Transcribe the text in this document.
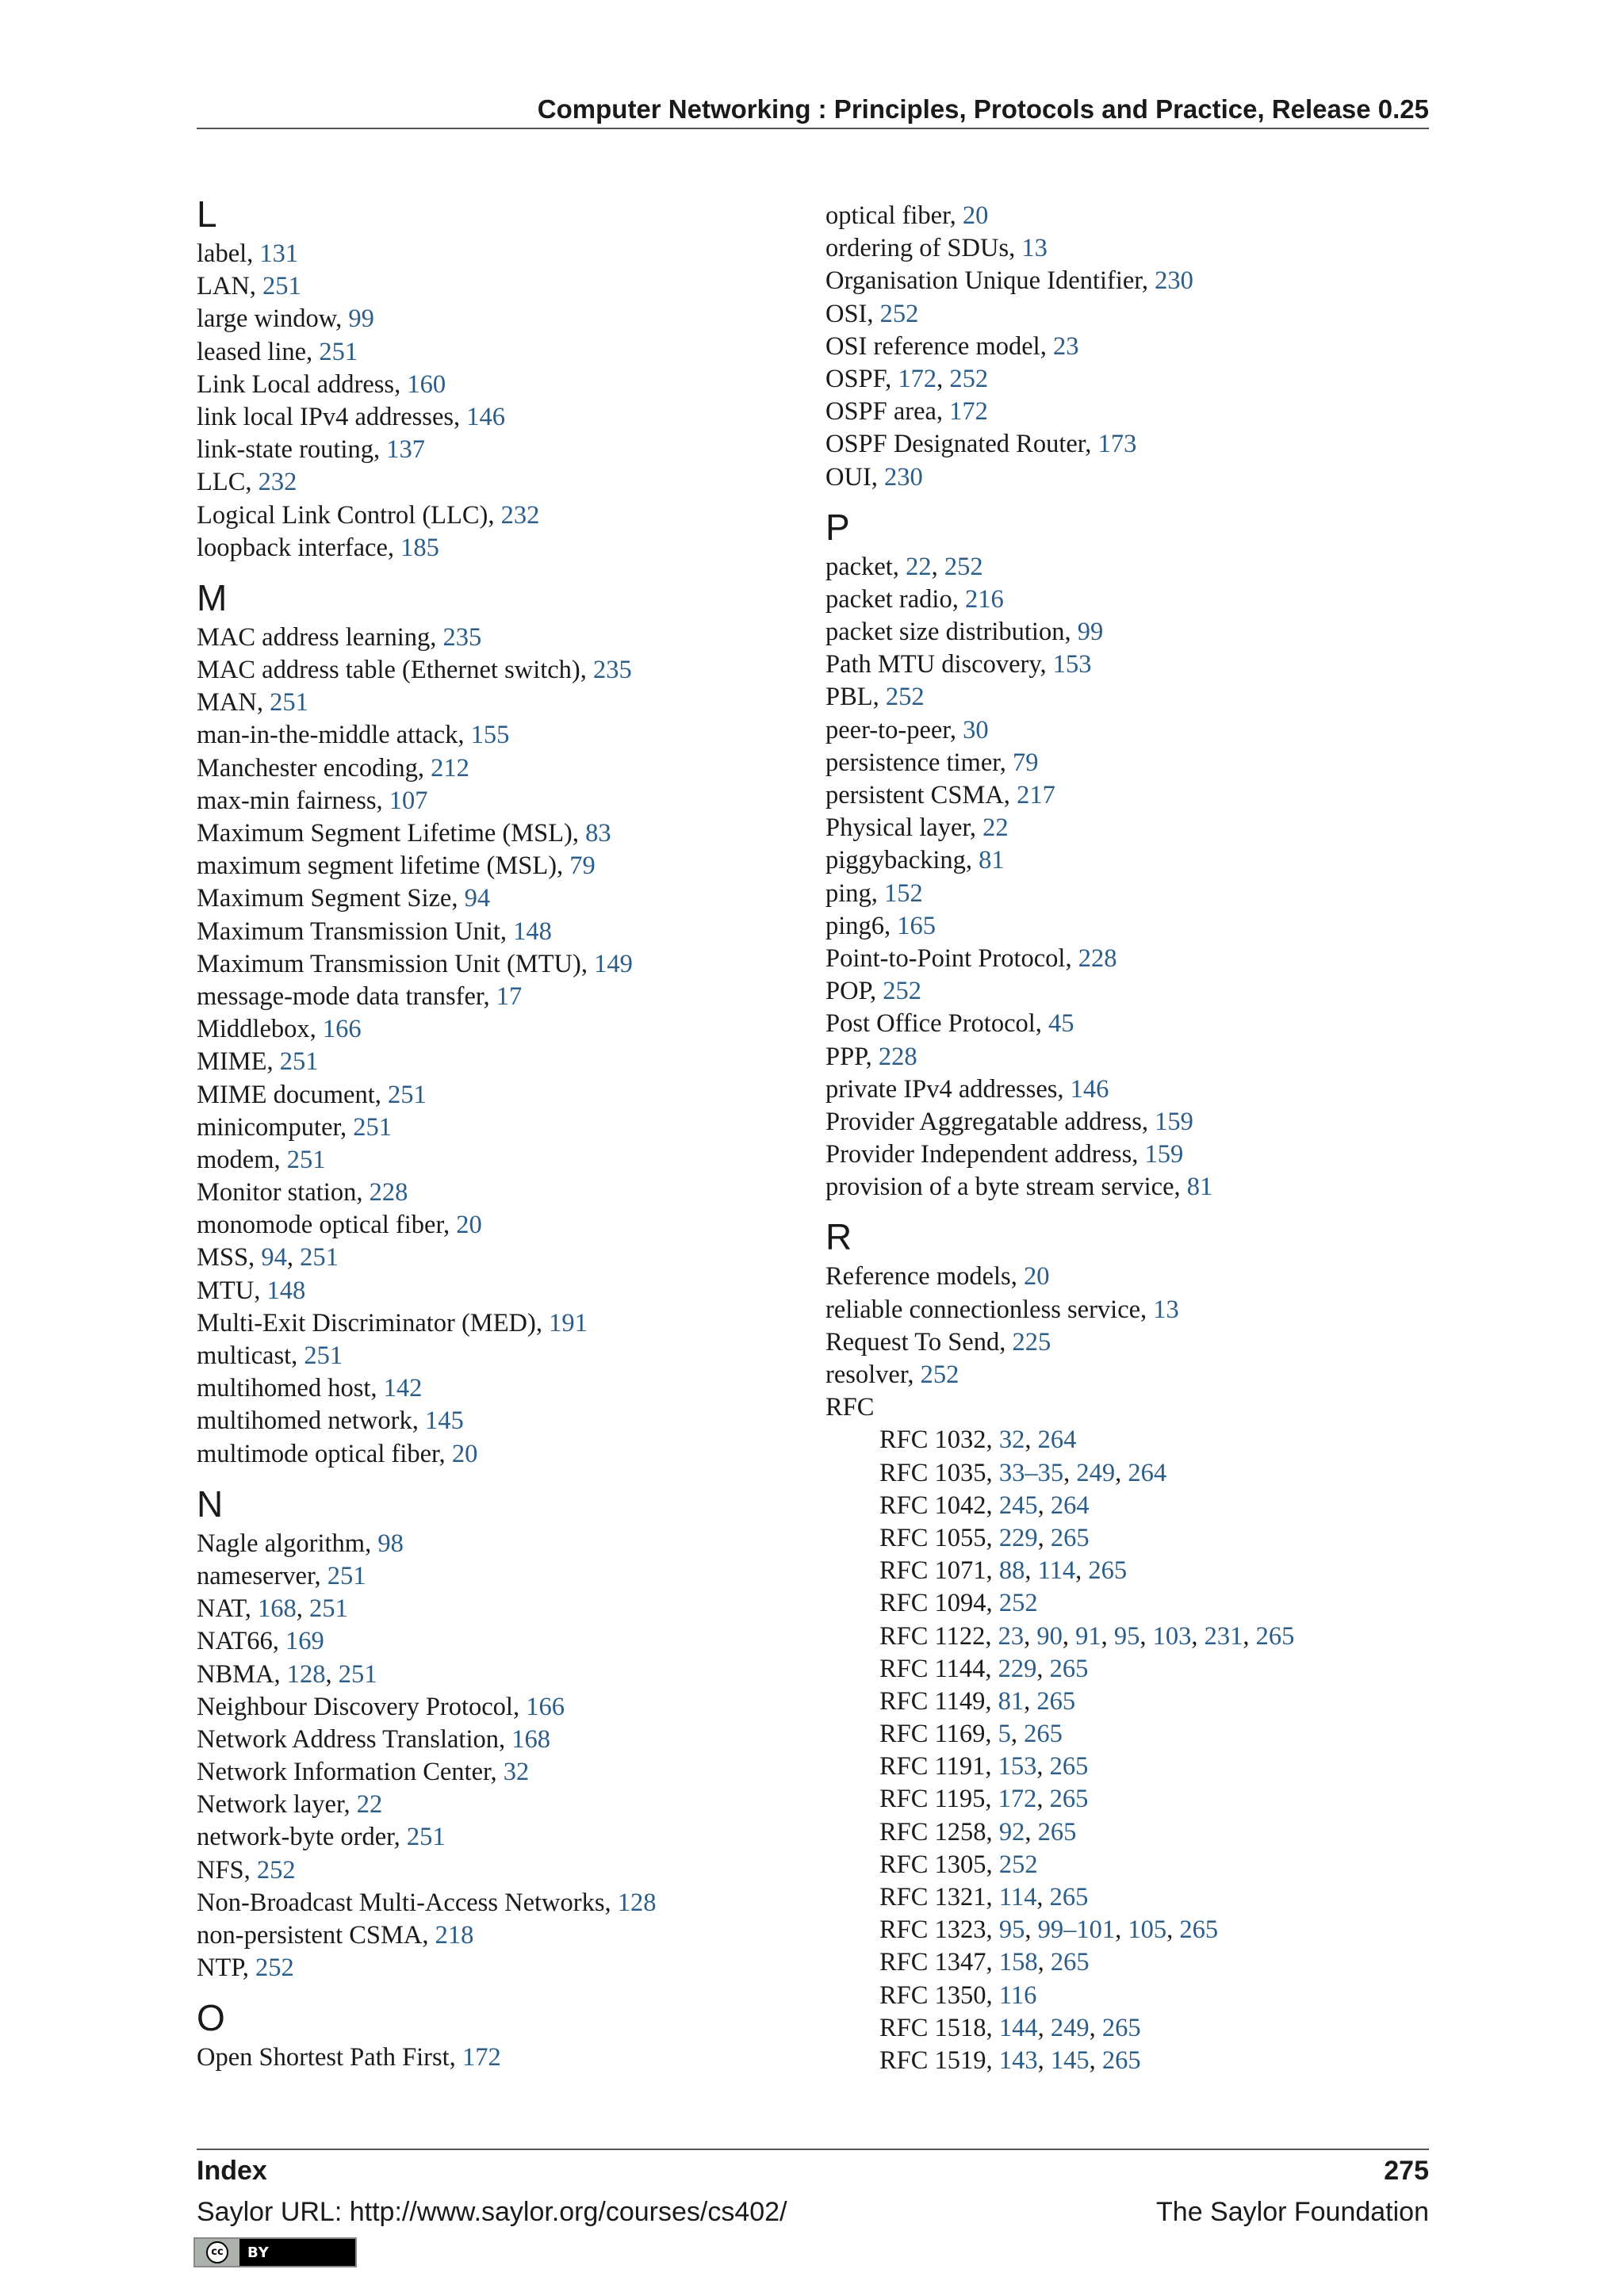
Computer Networking : Principles, Protocols and Practice, Release 0.25
L
label, 131
LAN, 251
large window, 99
leased line, 251
Link Local address, 160
link local IPv4 addresses, 146
link-state routing, 137
LLC, 232
Logical Link Control (LLC), 232
loopback interface, 185
M
MAC address learning, 235
MAC address table (Ethernet switch), 235
MAN, 251
man-in-the-middle attack, 155
Manchester encoding, 212
max-min fairness, 107
Maximum Segment Lifetime (MSL), 83
maximum segment lifetime (MSL), 79
Maximum Segment Size, 94
Maximum Transmission Unit, 148
Maximum Transmission Unit (MTU), 149
message-mode data transfer, 17
Middlebox, 166
MIME, 251
MIME document, 251
minicomputer, 251
modem, 251
Monitor station, 228
monomode optical fiber, 20
MSS, 94, 251
MTU, 148
Multi-Exit Discriminator (MED), 191
multicast, 251
multihomed host, 142
multihomed network, 145
multimode optical fiber, 20
N
Nagle algorithm, 98
nameserver, 251
NAT, 168, 251
NAT66, 169
NBMA, 128, 251
Neighbour Discovery Protocol, 166
Network Address Translation, 168
Network Information Center, 32
Network layer, 22
network-byte order, 251
NFS, 252
Non-Broadcast Multi-Access Networks, 128
non-persistent CSMA, 218
NTP, 252
O
Open Shortest Path First, 172
optical fiber, 20
ordering of SDUs, 13
Organisation Unique Identifier, 230
OSI, 252
OSI reference model, 23
OSPF, 172, 252
OSPF area, 172
OSPF Designated Router, 173
OUI, 230
P
packet, 22, 252
packet radio, 216
packet size distribution, 99
Path MTU discovery, 153
PBL, 252
peer-to-peer, 30
persistence timer, 79
persistent CSMA, 217
Physical layer, 22
piggybacking, 81
ping, 152
ping6, 165
Point-to-Point Protocol, 228
POP, 252
Post Office Protocol, 45
PPP, 228
private IPv4 addresses, 146
Provider Aggregatable address, 159
Provider Independent address, 159
provision of a byte stream service, 81
R
Reference models, 20
reliable connectionless service, 13
Request To Send, 225
resolver, 252
RFC
RFC 1032, 32, 264
RFC 1035, 33–35, 249, 264
RFC 1042, 245, 264
RFC 1055, 229, 265
RFC 1071, 88, 114, 265
RFC 1094, 252
RFC 1122, 23, 90, 91, 95, 103, 231, 265
RFC 1144, 229, 265
RFC 1149, 81, 265
RFC 1169, 5, 265
RFC 1191, 153, 265
RFC 1195, 172, 265
RFC 1258, 92, 265
RFC 1305, 252
RFC 1321, 114, 265
RFC 1323, 95, 99–101, 105, 265
RFC 1347, 158, 265
RFC 1350, 116
RFC 1518, 144, 249, 265
RFC 1519, 143, 145, 265
Index	275
Saylor URL: http://www.saylor.org/courses/cs402/	The Saylor Foundation
cc	BY
